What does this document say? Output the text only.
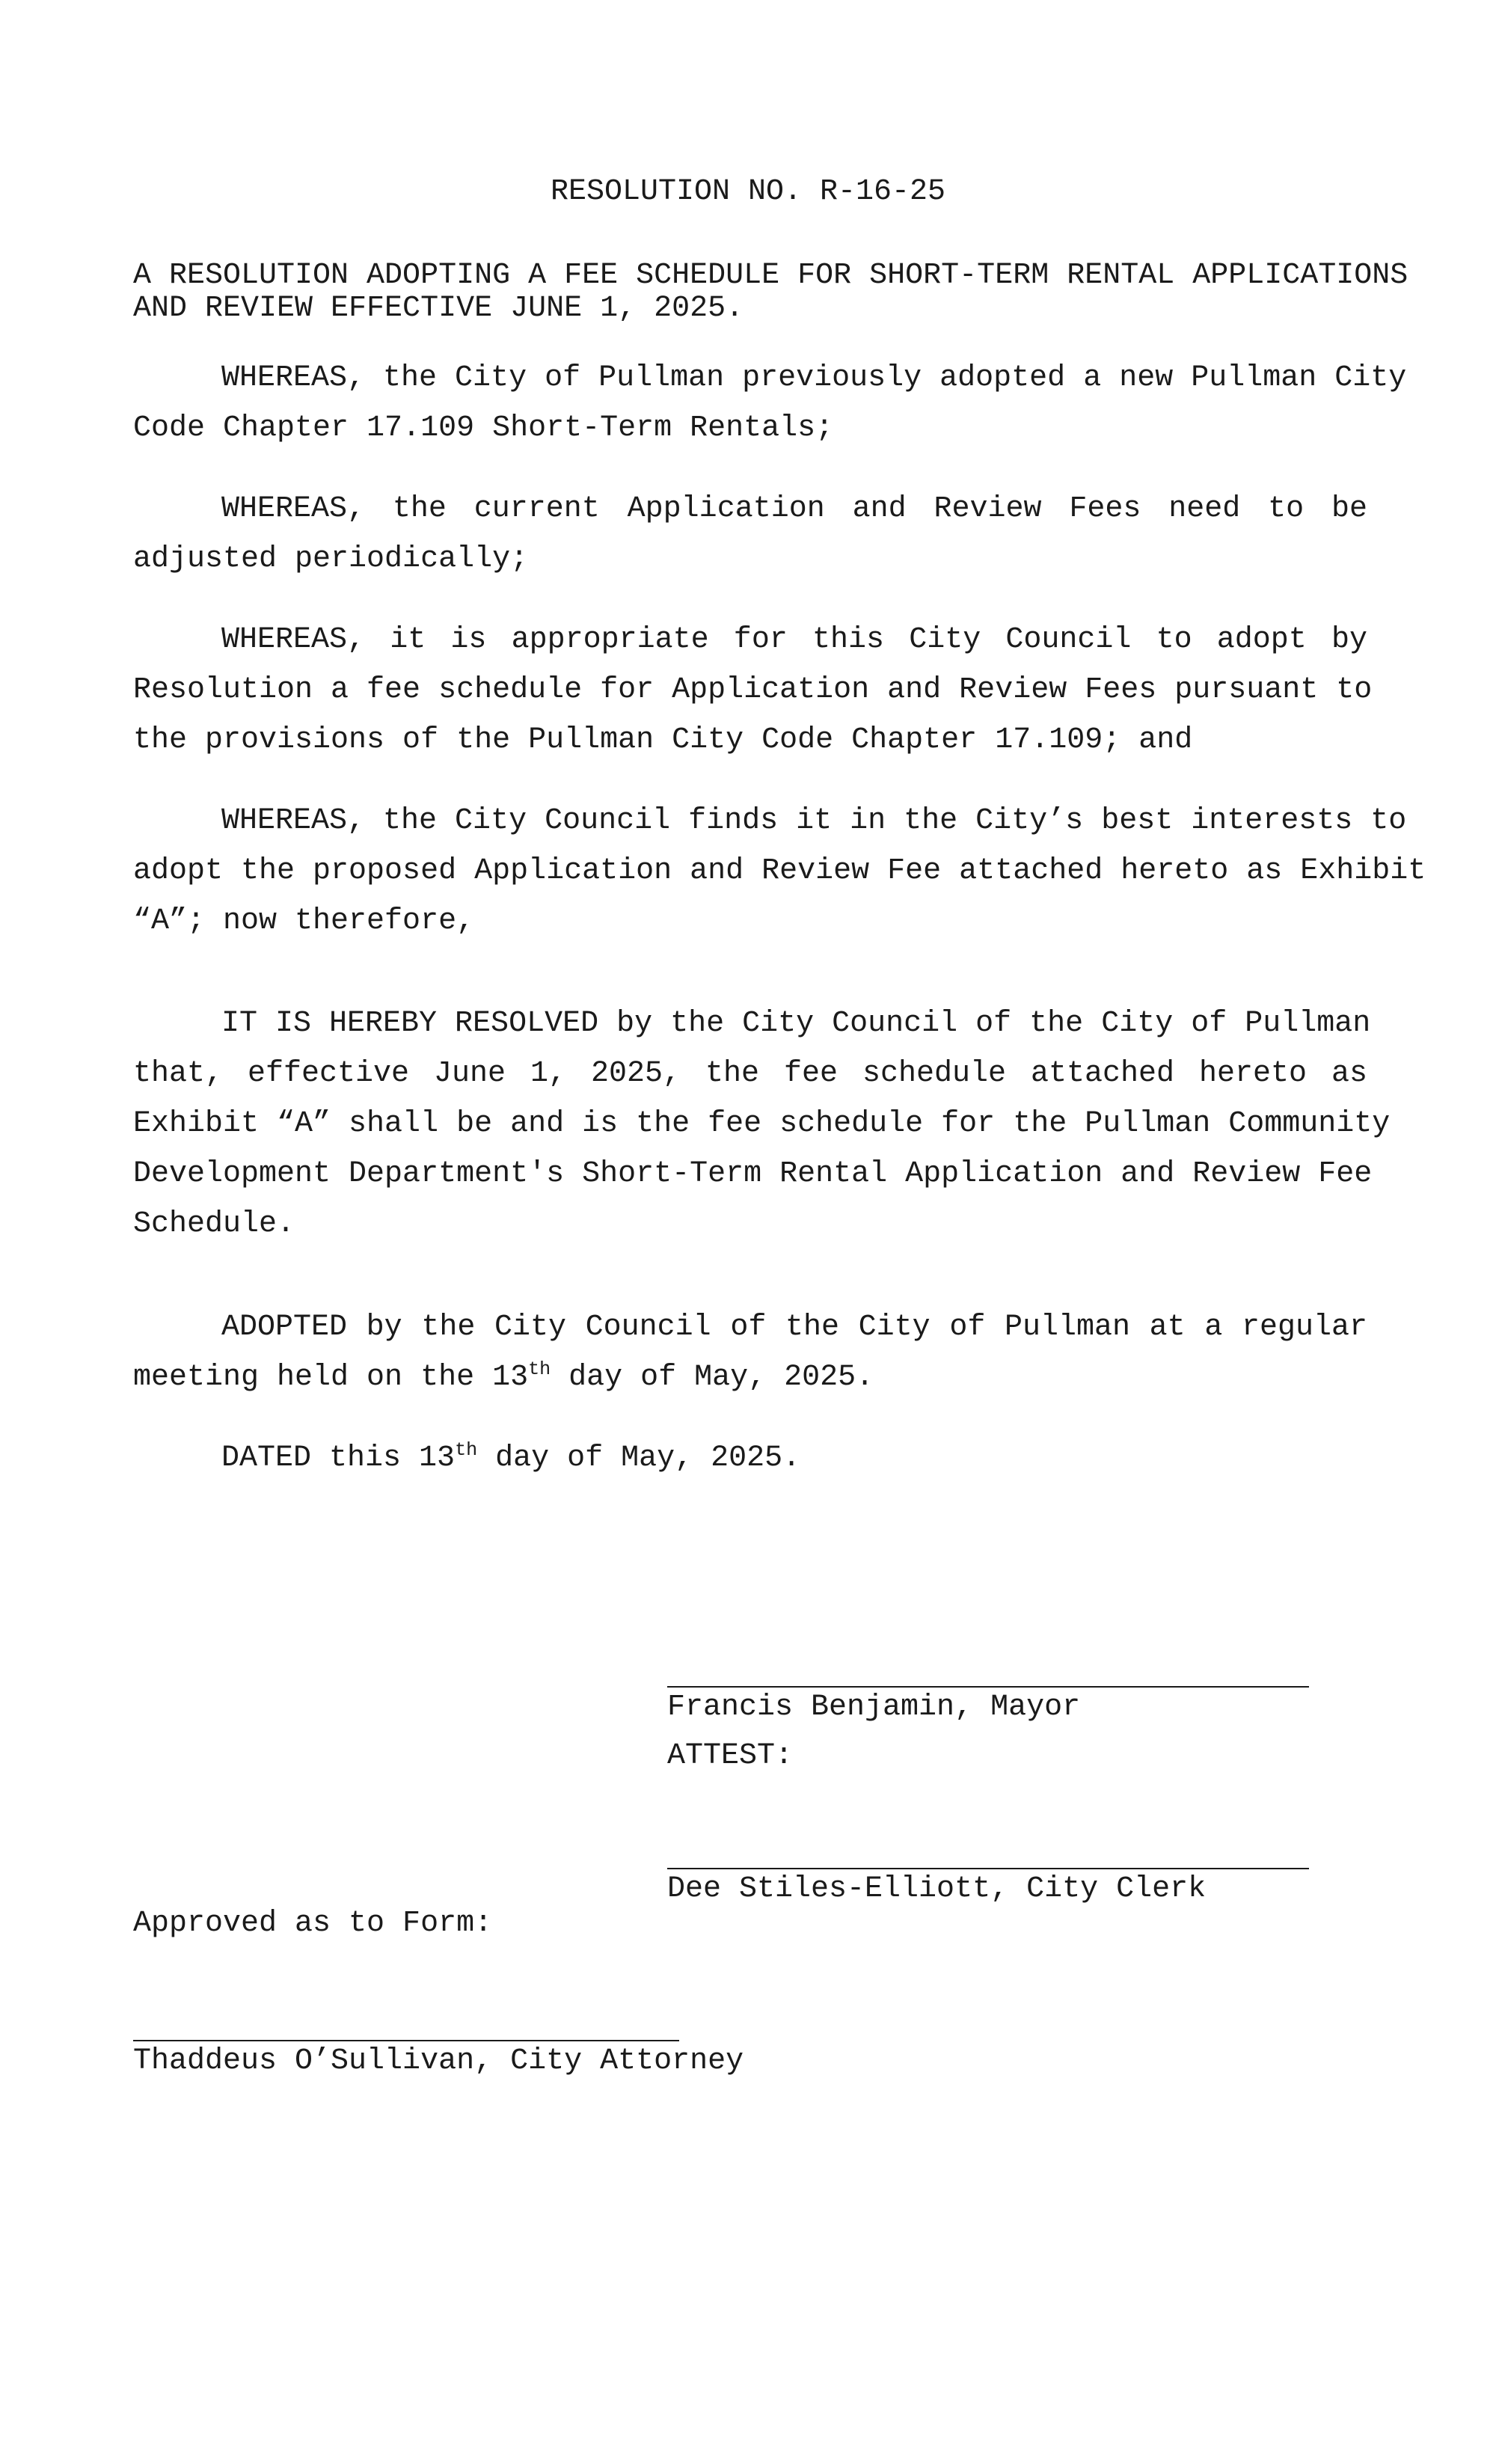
RESOLUTION NO. R-16-25
A RESOLUTION ADOPTING A FEE SCHEDULE FOR SHORT-TERM RENTAL APPLICATIONS
AND REVIEW EFFECTIVE JUNE 1, 2025.
WHEREAS, the City of Pullman previously adopted a new Pullman City
Code Chapter 17.109 Short-Term Rentals;
WHEREAS, the current Application and Review Fees need to be
adjusted periodically;
WHEREAS, it is appropriate for this City Council to adopt by
Resolution a fee schedule for Application and Review Fees pursuant to
the provisions of the Pullman City Code Chapter 17.109; and
WHEREAS, the City Council finds it in the City’s best interests to
adopt the proposed Application and Review Fee attached hereto as Exhibit
“A”; now therefore,
IT IS HEREBY RESOLVED by the City Council of the City of Pullman
that, effective June 1, 2025, the fee schedule attached hereto as
Exhibit “A” shall be and is the fee schedule for the Pullman Community
Development Department's Short-Term Rental Application and Review Fee
Schedule.
ADOPTED by the City Council of the City of Pullman at a regular
meeting held on the 13th day of May, 2025.
DATED this 13th day of May, 2025.
Francis Benjamin, Mayor
ATTEST:
Dee Stiles-Elliott, City Clerk
Approved as to Form:
Thaddeus O’Sullivan, City Attorney
